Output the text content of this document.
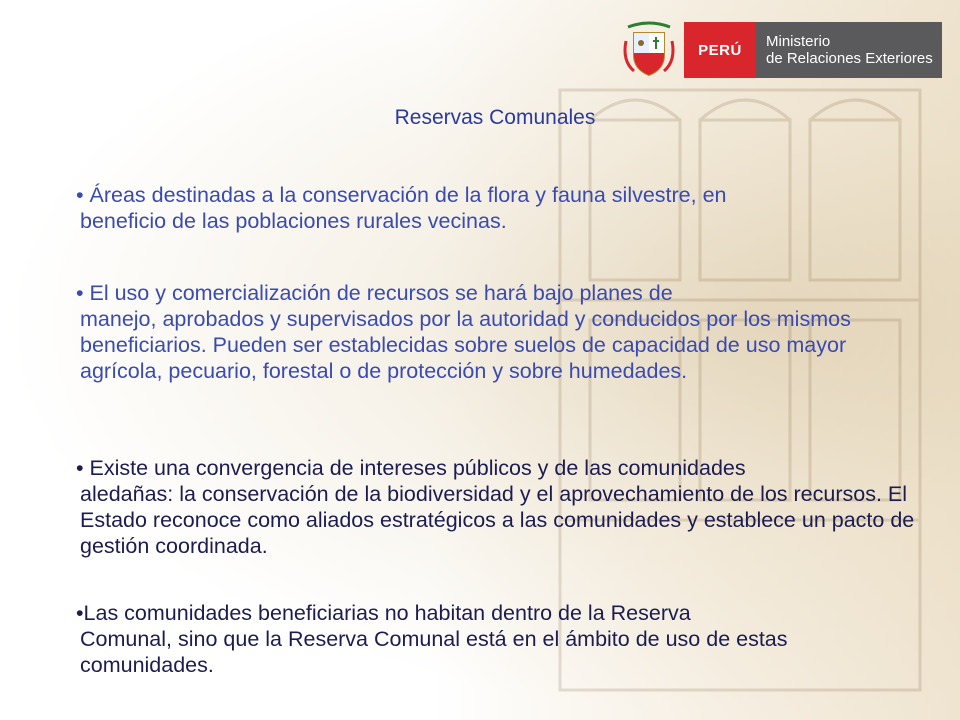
PERÚ	Ministerio
de Relaciones Exteriores
Reservas Comunales

• Áreas destinadas a la conservación de la flora y fauna silvestre, en
beneficio de las poblaciones rurales vecinas.

• El uso y comercialización de recursos se hará bajo planes de
manejo, aprobados y supervisados por la autoridad y conducidos por los mismos beneficiarios. Pueden ser establecidas sobre suelos de capacidad de uso mayor agrícola, pecuario, forestal o de protección y sobre humedades.

• Existe una convergencia de intereses públicos y de las comunidades
aledañas: la conservación de la biodiversidad y el aprovechamiento de los recursos. El Estado reconoce como aliados estratégicos a las comunidades y establece un pacto de gestión coordinada.

•Las comunidades beneficiarias no habitan dentro de la Reserva
Comunal, sino que la Reserva Comunal está en el ámbito de uso de estas comunidades.
